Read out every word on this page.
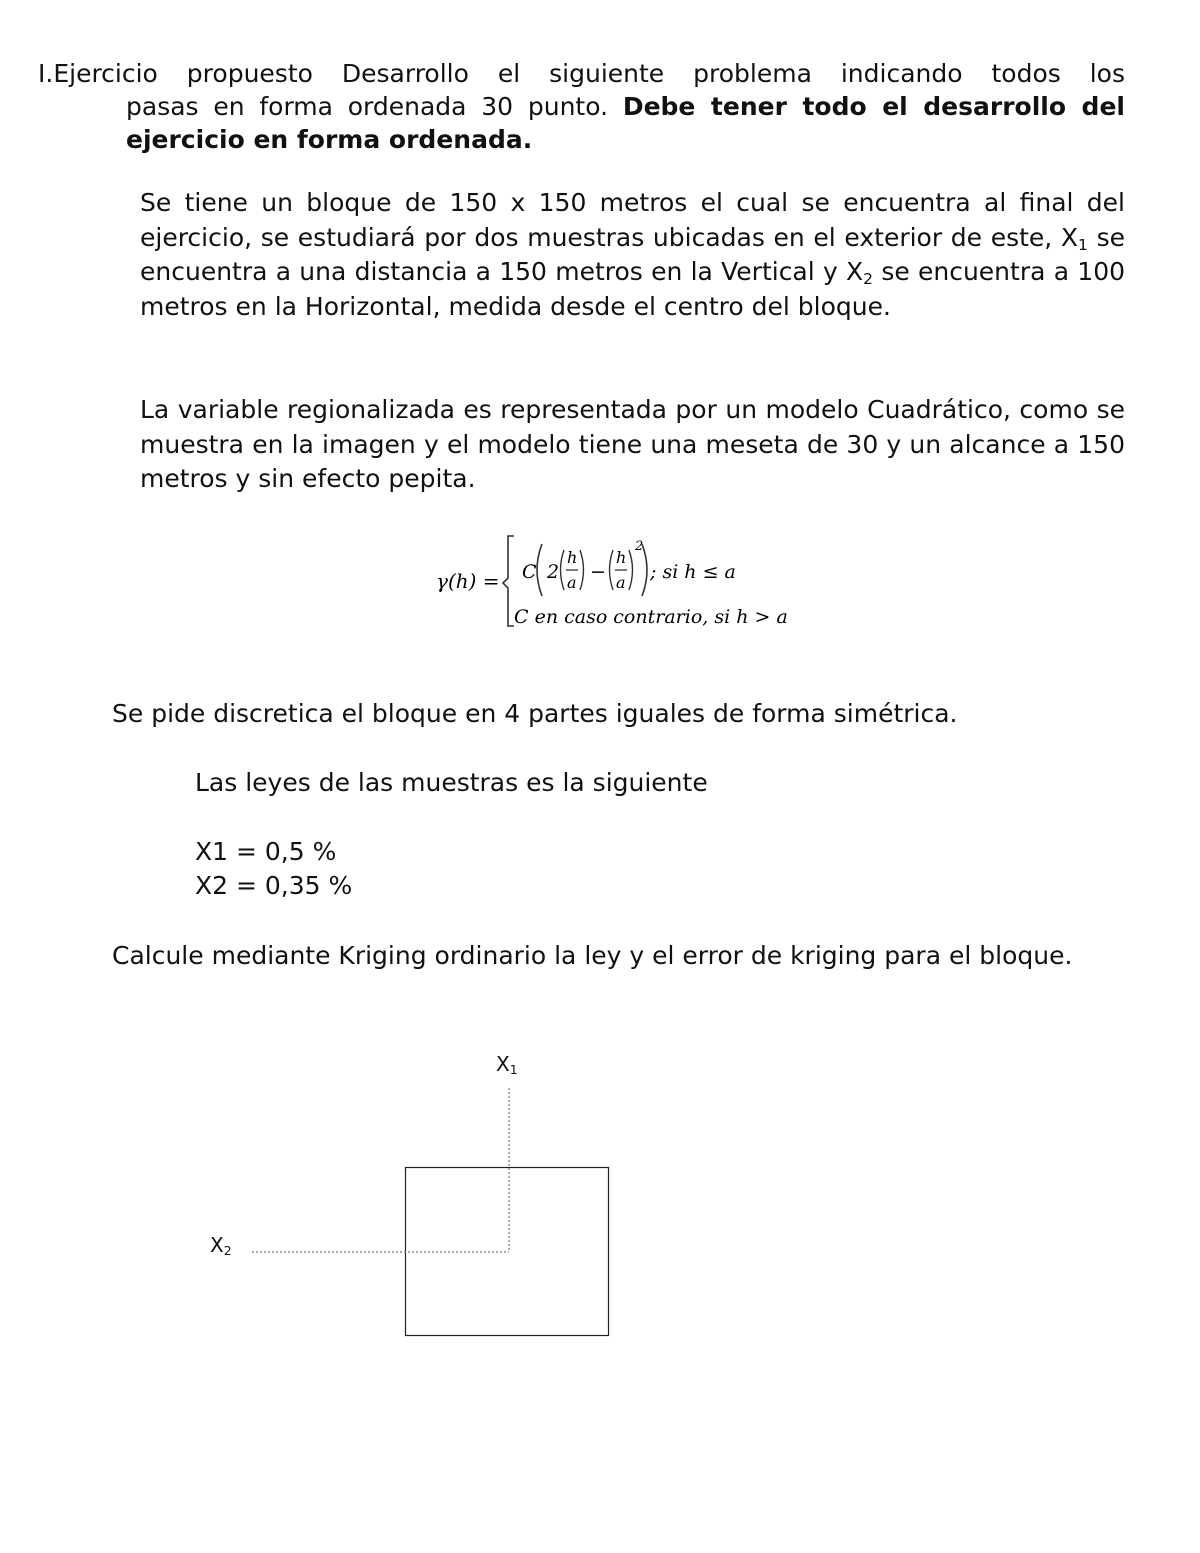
I.Ejercicio propuesto Desarrollo el siguiente problema indicando todos los
pasas en forma ordenada 30 punto. Debe tener todo el desarrollo del ejercicio en forma ordenada.

Se tiene un bloque de 150 x 150 metros el cual se encuentra al final del ejercicio, se estudiará por dos muestras ubicadas en el exterior de este, $X_1$ se encuentra a una distancia a 150 metros en la Vertical y $X_2$ se encuentra a 100 metros en la Horizontal, medida desde el centro del bloque.

La variable regionalizada es representada por un modelo Cuadrático, como se muestra en la imagen y el modelo tiene una meseta de 30 y un alcance a 150 metros y sin efecto pepita.

γ(h) = C 2
h
a −
h
a
2
; si h ≤ a
C en caso contrario, si h > a
Se pide discretica el bloque en 4 partes iguales de forma simétrica.
Las leyes de las muestras es la siguiente
X1 = 0,5 %
X2 = 0,35 %

Calcule mediante Kriging ordinario la ley y el error de kriging para el bloque.

$X_1$
$X_2$
